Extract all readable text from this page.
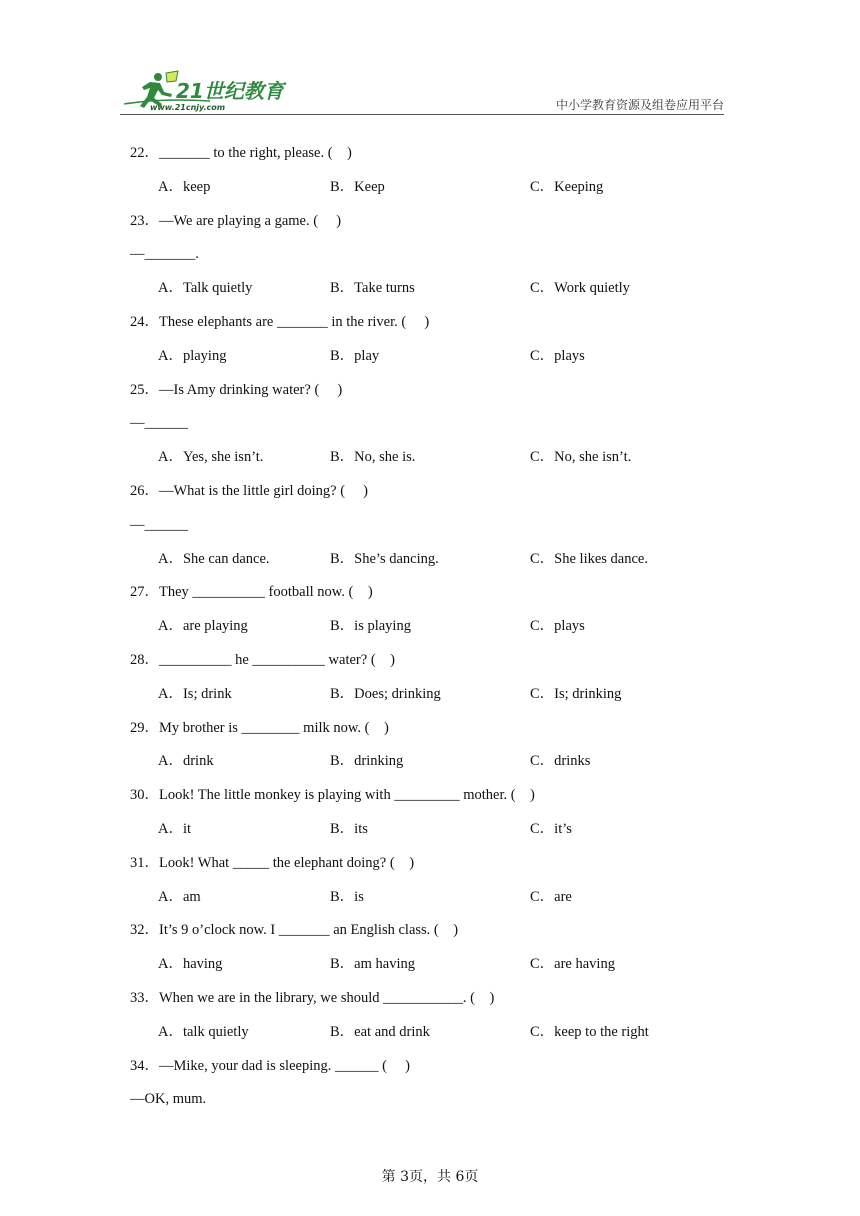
21世纪教育
www.21cnjy.com	中小学教育资源及组卷应用平台
22．_______ to the right, please. (    )
A．keep	B．Keep	C．Keeping
23．—We are playing a game. (     )
—_______.
A．Talk quietly	B．Take turns	C．Work quietly
24．These elephants are _______ in the river. (     )
A．playing	B．play	C．plays
25．—Is Amy drinking water? (     )
—______
A．Yes, she isn’t.	B．No, she is.	C．No, she isn’t.
26．—What is the little girl doing? (     )
—______
A．She can dance.	B．She’s dancing.	C．She likes dance.
27．They __________ football now. (    )
A．are playing	B．is playing	C．plays
28．__________ he __________ water? (    )
A．Is; drink	B．Does; drinking	C．Is; drinking
29．My brother is ________ milk now. (    )
A．drink	B．drinking	C．drinks
30．Look! The little monkey is playing with _________ mother. (    )
A．it	B．its	C．it’s
31．Look! What _____ the elephant doing? (    )
A．am	B．is	C．are
32．It’s 9 o’clock now. I _______ an English class. (    )
A．having	B．am having	C．are having
33．When we are in the library, we should ___________. (    )
A．talk quietly	B．eat and drink	C．keep to the right
34．—Mike, your dad is sleeping. ______ (     )
—OK, mum.
第 3页，共 6页
